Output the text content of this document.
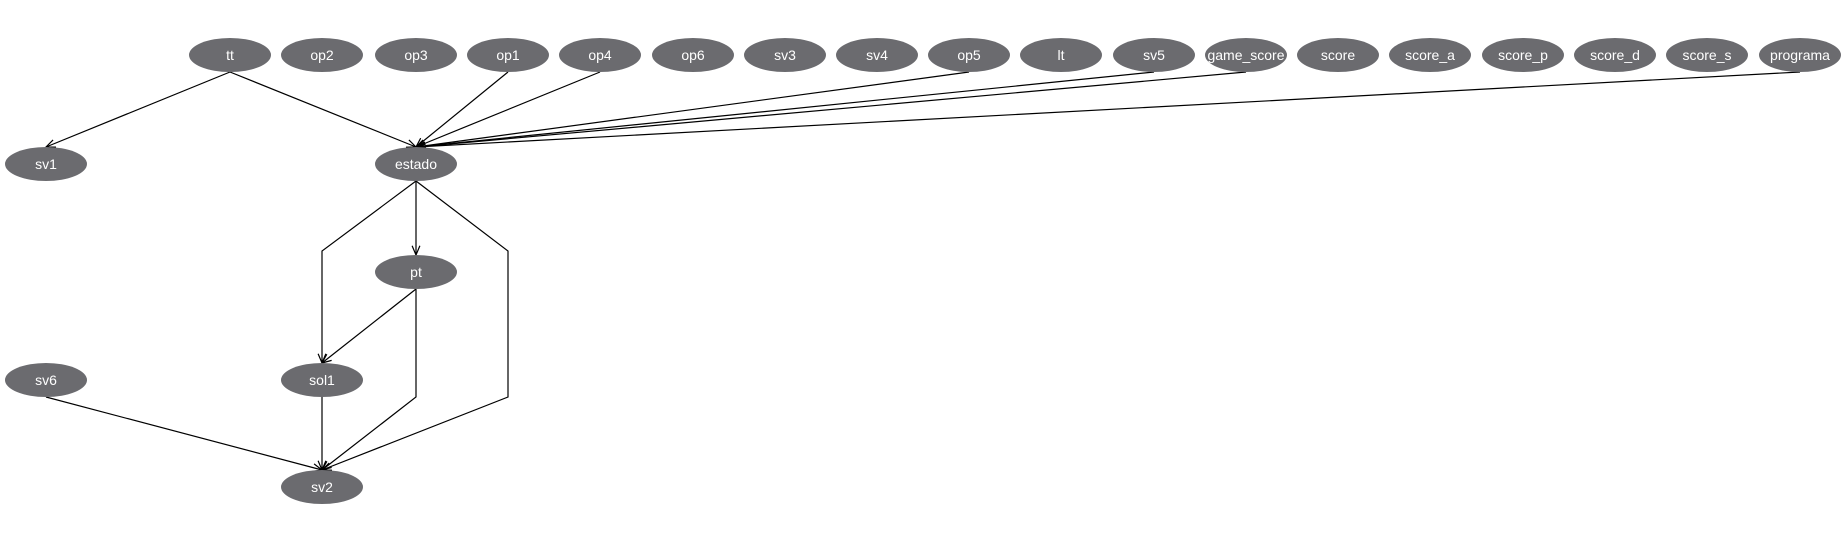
tt	op2	op3	op1	op4	op6	sv3	sv4	op5	lt	sv5	game_score	score	score_a	score_p	score_d	score_s	programa
sv1	estado
pt
sv6	sol1
sv2
